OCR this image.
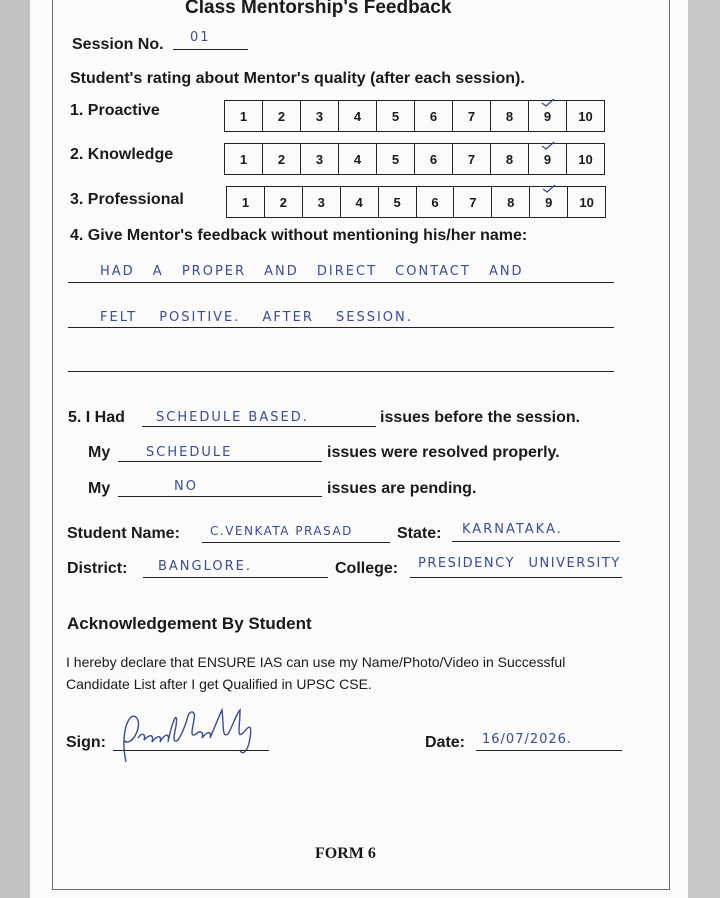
Class Mentorship's Feedback
Session No. 01
Student's rating about Mentor's quality (after each session).
1. Proactive	1 2 3 4 5 6 7 8 9 10
2. Knowledge	1 2 3 4 5 6 7 8 9 10
3. Professional	1 2 3 4 5 6 7 8 9 10
4. Give Mentor's feedback without mentioning his/her name:
HAD A PROPER AND DIRECT CONTACT AND
FELT POSITIVE. AFTER SESSION.
5. I Had SCHEDULE BASED.	issues before the session.
My	SCHEDULE	issues were resolved properly.
My	NO	issues are pending.
Student Name:	C.VENKATA PRASAD	State: KARNATAKA.
District: BANGLORE.	College: PRESIDENCY UNIVERSITY
Acknowledgement By Student
I hereby declare that ENSURE IAS can use my Name/Photo/Video in Successful
Candidate List after I get Qualified in UPSC CSE.
Sign:	Date: 16/07/2026.
FORM 6
